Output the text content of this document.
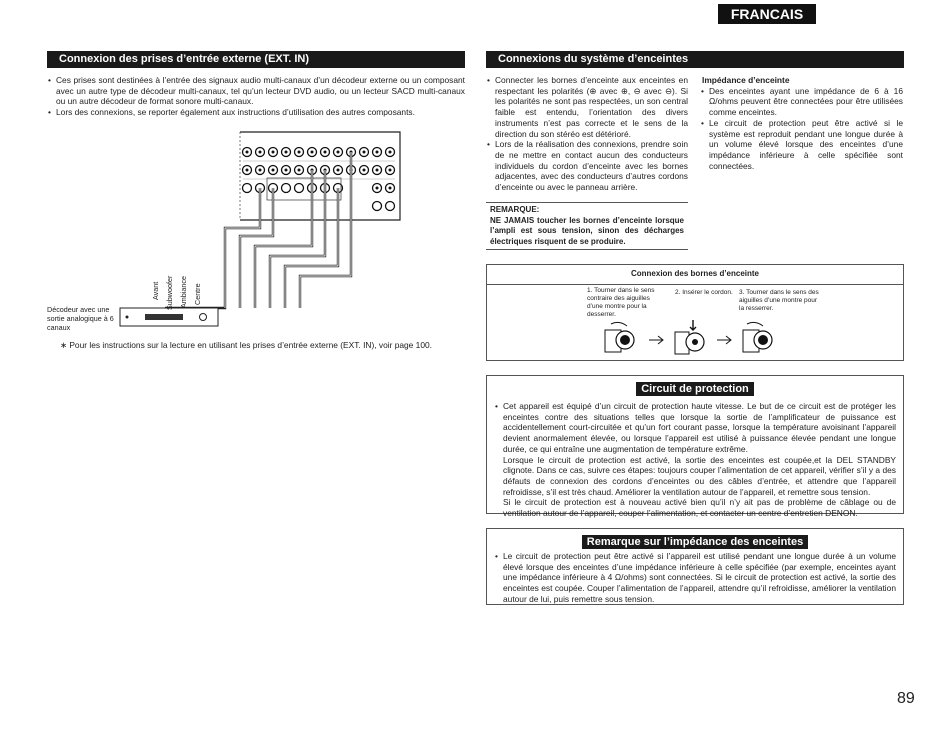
FRANCAIS
Connexion des prises d’entrée externe (EXT. IN)
• Ces prises sont destinées à l’entrée des signaux audio multi-canaux d’un décodeur externe ou un composant avec un autre type de décodeur multi-canaux, tel qu’un lecteur DVD audio, ou un lecteur SACD multi-canaux ou un autre décodeur de format sonore multi-canaux.
• Lors des connexions, se reporter également aux instructions d’utilisation des autres composants.
Décodeur avec une sortie analogique à 6 canaux
Avant Subwoofer Ambiance Centre
∗ Pour les instructions sur la lecture en utilisant les prises d’entrée externe (EXT. IN), voir page 100.
Connexions du système d’enceintes
• Connecter les bornes d’enceinte aux enceintes en respectant les polarités (⊕ avec ⊕, ⊖ avec ⊖). Si les polarités ne sont pas respectées, un son central faible est entendu, l’orientation des divers instruments n’est pas correcte et le sens de la direction du son stéréo est détérioré.
• Lors de la réalisation des connexions, prendre soin de ne mettre en contact aucun des conducteurs individuels du cordon d’enceinte avec les bornes adjacentes, avec des conducteurs d’autres cordons d’enceinte ou avec le panneau arrière.
REMARQUE:
NE JAMAIS toucher les bornes d’enceinte lorsque l’ampli est sous tension, sinon des décharges électriques risquent de se produire.
Impédance d’enceinte
• Des enceintes ayant une impédance de 6 à 16 Ω/ohms peuvent être connectées pour être utilisées comme enceintes.
• Le circuit de protection peut être activé si le système est reproduit pendant une longue durée à un volume élevé lorsque des enceintes d’une impédance inférieure à celle spécifiée sont connectées.
Connexion des bornes d’enceinte
1. Tourner dans le sens contraire des aiguilles d’une montre pour la desserrer.
2. Insérer le cordon. 3. Tourner dans le sens des aiguilles d’une montre pour la resserrer.
Circuit de protection
• Cet appareil est équipé d’un circuit de protection haute vitesse. Le but de ce circuit est de protéger les enceintes contre des situations telles que lorsque la sortie de l’amplificateur de puissance est accidentellement court-circuitée et qu’un fort courant passe, lorsque la température avoisinant l’appareil devient anormalement élevée, ou lorsque l’appareil est utilisé à puissance élevée pendant une longue durée, ce qui entraîne une augmentation de température extrême.
Lorsque le circuit de protection est activé, la sortie des enceintes est coupée,et la DEL STANDBY clignote. Dans ce cas, suivre ces étapes: toujours couper l’alimentation de cet appareil, vérifier s’il y a des défauts de connexion des cordons d’enceintes ou des câbles d’entrée, et attendre que l’appareil refroidisse, s’il est très chaud. Améliorer la ventilation autour de l’appareil, et remettre sous tension.
Si le circuit de protection est à nouveau activé bien qu’il n’y ait pas de problème de câblage ou de ventilation autour de l’appareil, couper l’alimentation, et contacter un centre d’entretien DENON.
Remarque sur l’impédance des enceintes
• Le circuit de protection peut être activé si l’appareil est utilisé pendant une longue durée à un volume élevé lorsque des enceintes d’une impédance inférieure à celle spécifiée (par exemple, enceintes ayant une impédance inférieure à 4 Ω/ohms) sont connectées. Si le circuit de protection est activé, la sortie des enceintes est coupée. Couper l’alimentation de l’appareil, attendre qu’il refroidisse, améliorer la ventilation autour de lui, puis remettre sous tension.
89
